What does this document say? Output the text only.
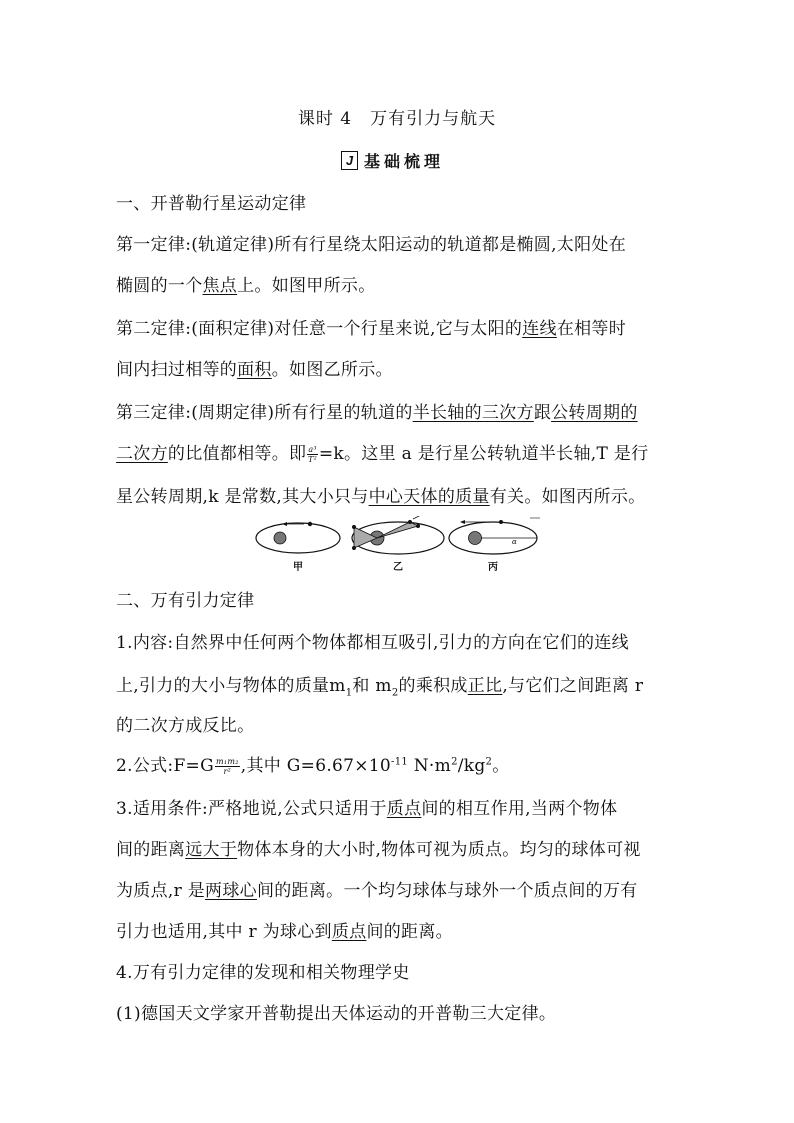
课时 4　万有引力与航天
J 基础梳理
一、开普勒行星运动定律
第一定律:(轨道定律)所有行星绕太阳运动的轨道都是椭圆,太阳处在
椭圆的一个焦点上。如图甲所示。
第二定律:(面积定律)对任意一个行星来说,它与太阳的连线在相等时
间内扫过相等的面积。如图乙所示。
第三定律:(周期定律)所有行星的轨道的半长轴的三次方跟公转周期的
二次方的比值都相等。即 $\frac{\text{a³}}{\text{T²}} =k$。这里 a 是行星公转轨道半长轴,T 是行
星公转周期,k 是常数,其大小只与中心天体的质量有关。如图丙所示。
α
甲	乙	丙
二、万有引力定律
1.内容:自然界中任何两个物体都相互吸引,引力的方向在它们的连线
上,引力的大小与物体的质量$m_1$和 $m_2$的乘积成正比,与它们之间距离 r
的二次方成反比。
2.公式:F=G $\frac{\text{m₁m₂}}{\text{r²}}$ ,其中 $G=6.67\times 10^{-11}$ $N\cdot m^2/kg^2$。
3.适用条件:严格地说,公式只适用于质点间的相互作用,当两个物体
间的距离远大于物体本身的大小时,物体可视为质点。均匀的球体可视
为质点,r 是两球心间的距离。一个均匀球体与球外一个质点间的万有
引力也适用,其中 r 为球心到质点间的距离。
4.万有引力定律的发现和相关物理学史
(1)德国天文学家开普勒提出天体运动的开普勒三大定律。
